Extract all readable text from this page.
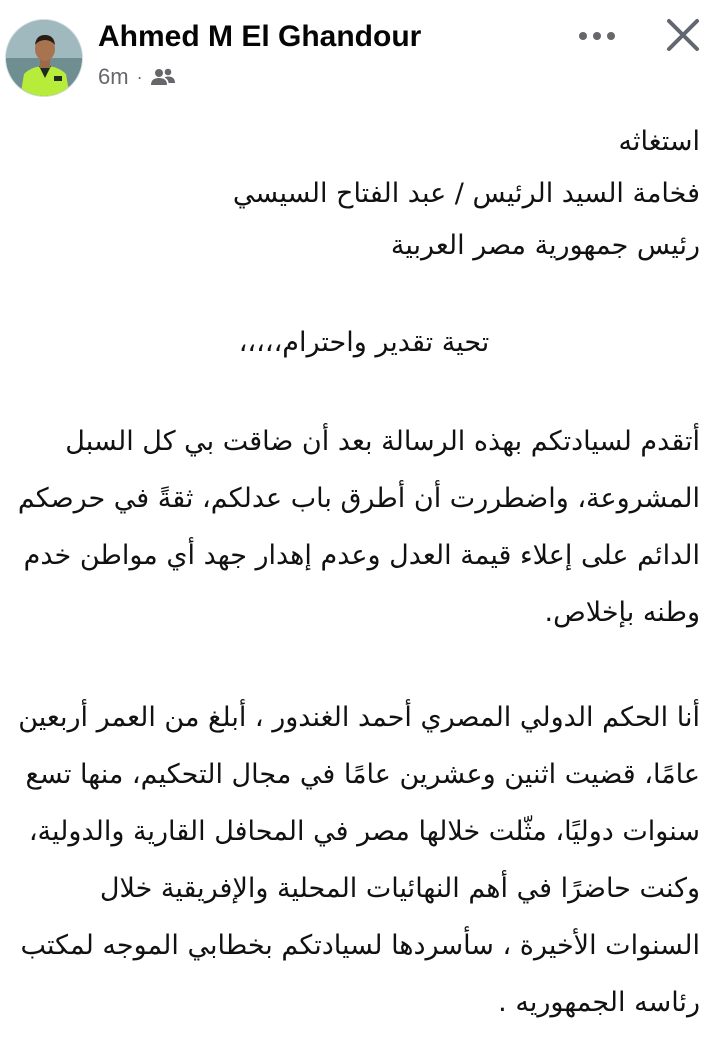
Ahmed M El Ghandour
6m ·
استغاثه
فخامة السيد الرئيس / عبد الفتاح السيسي
رئيس جمهورية مصر العربية
تحية تقدير واحترام،،،،،
أتقدم لسيادتكم بهذه الرسالة بعد أن ضاقت بي كل السبل
المشروعة، واضطررت أن أطرق باب عدلكم، ثقةً في حرصكم
الدائم على إعلاء قيمة العدل وعدم إهدار جهد أي مواطن خدم
وطنه بإخلاص.
أنا الحكم الدولي المصري أحمد الغندور ، أبلغ من العمر أربعين
عامًا، قضيت اثنين وعشرين عامًا في مجال التحكيم، منها تسع
سنوات دوليًا، مثّلت خلالها مصر في المحافل القارية والدولية،
وكنت حاضرًا في أهم النهائيات المحلية والإفريقية خلال
السنوات الأخيرة ، سأسردها لسيادتكم بخطابي الموجه لمكتب
رئاسه الجمهوريه .
